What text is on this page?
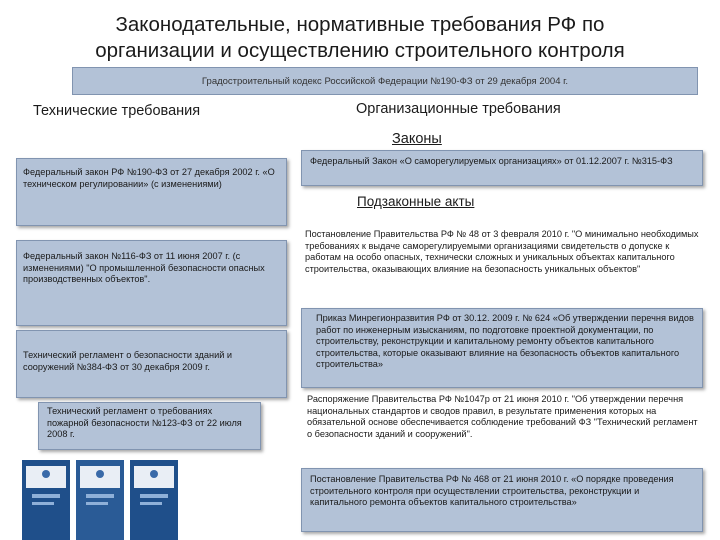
Законодательные, нормативные требования РФ по
организации и осуществлению строительного контроля
Градостроительный кодекс Российской Федерации №190-ФЗ от 29 декабря 2004 г.
Технические требования	Организационные требования
Законы
Подзаконные акты
Федеральный закон РФ №190-ФЗ от 27 декабря 2002 г. «О техническом регулировании» (с изменениями)
Федеральный закон №116-ФЗ от 11 июня 2007 г. (с изменениями) "О промышленной безопасности опасных производственных объектов".
Технический регламент о безопасности зданий и сооружений №384-ФЗ от 30 декабря 2009 г.
Технический регламент о требованиях пожарной безопасности №123-ФЗ от 22 июля 2008 г.
Федеральный Закон «О саморегулируемых организациях» от 01.12.2007 г. №315-ФЗ
Постановление Правительства РФ № 48 от 3 февраля 2010 г. "О минимально необходимых требованиях к выдаче саморегулируемыми организациями свидетельств о допуске к работам на особо опасных, технически сложных и уникальных объектах капитального строительства, оказывающих влияние на безопасность уникальных объектов"
Приказ Минрегионразвития РФ от 30.12. 2009 г. № 624 «Об утверждении перечня видов работ по инженерным изысканиям, по подготовке проектной документации, по строительству, реконструкции и капитальному ремонту объектов капитального строительства, которые оказывают влияние на безопасность объектов капитального строительства»
Распоряжение Правительства РФ №1047р от 21 июня 2010 г. "Об утверждении перечня национальных стандартов и сводов правил, в результате применения которых на обязательной основе обеспечивается соблюдение требований ФЗ "Технический регламент о безопасности зданий и сооружений".
Постановление Правительства РФ № 468 от 21 июня 2010 г. «О порядке проведения строительного контроля при осуществлении строительства, реконструкции и капитального ремонта объектов капитального строительства»
